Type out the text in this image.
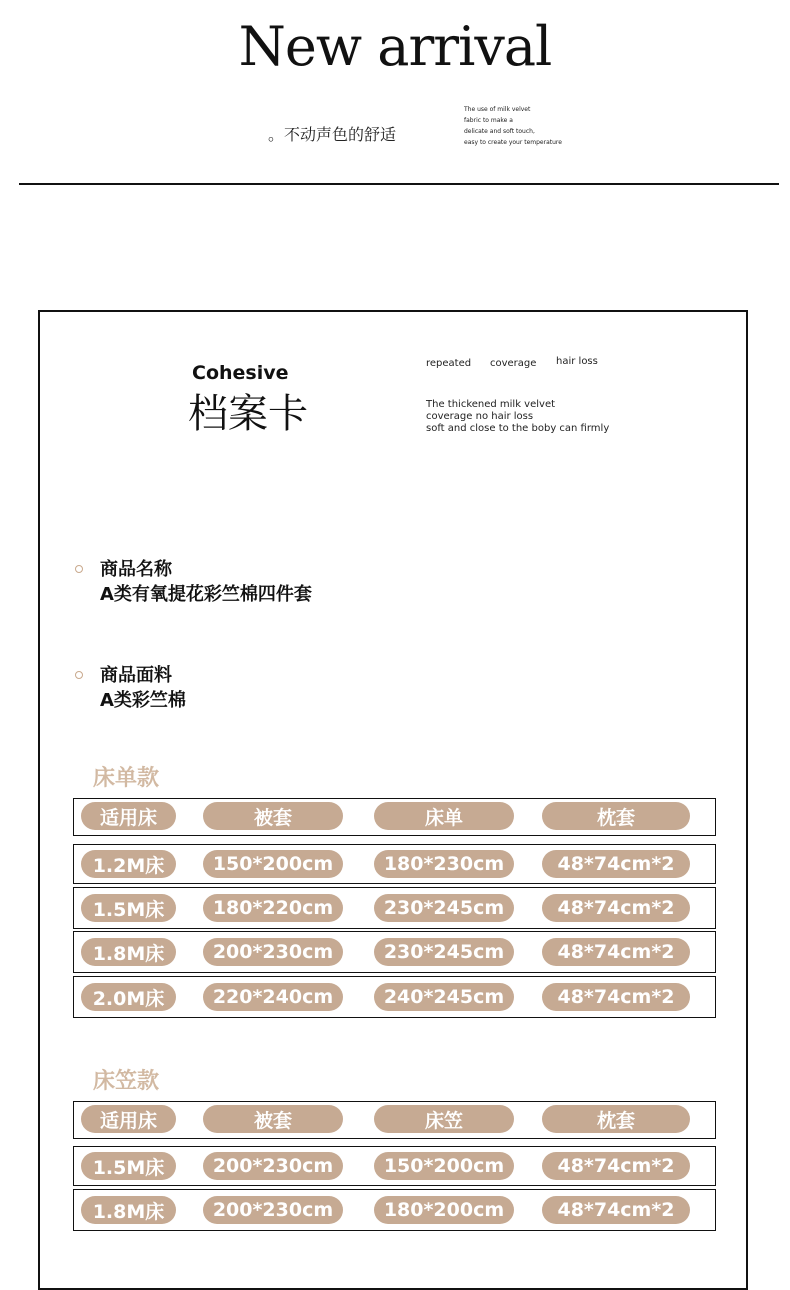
New arrival
。不动声色的舒适
The use of milk velvet
fabric to make a
delicate and soft touch,
easy to create your temperature
Cohesive
档案卡
repeated coverage hair loss
The thickened milk velvet
coverage no hair loss
soft and close to the boby can firmly
商品名称
A类有氧提花彩竺棉四件套
商品面料
A类彩竺棉
床单款
适用床	被套	床单	枕套
1.2M床	150*200cm	180*230cm	48*74cm*2
1.5M床	180*220cm	230*245cm	48*74cm*2
1.8M床	200*230cm	230*245cm	48*74cm*2
2.0M床	220*240cm	240*245cm	48*74cm*2
床笠款
适用床	被套	床笠	枕套
1.5M床	200*230cm	150*200cm	48*74cm*2
1.8M床	200*230cm	180*200cm	48*74cm*2
